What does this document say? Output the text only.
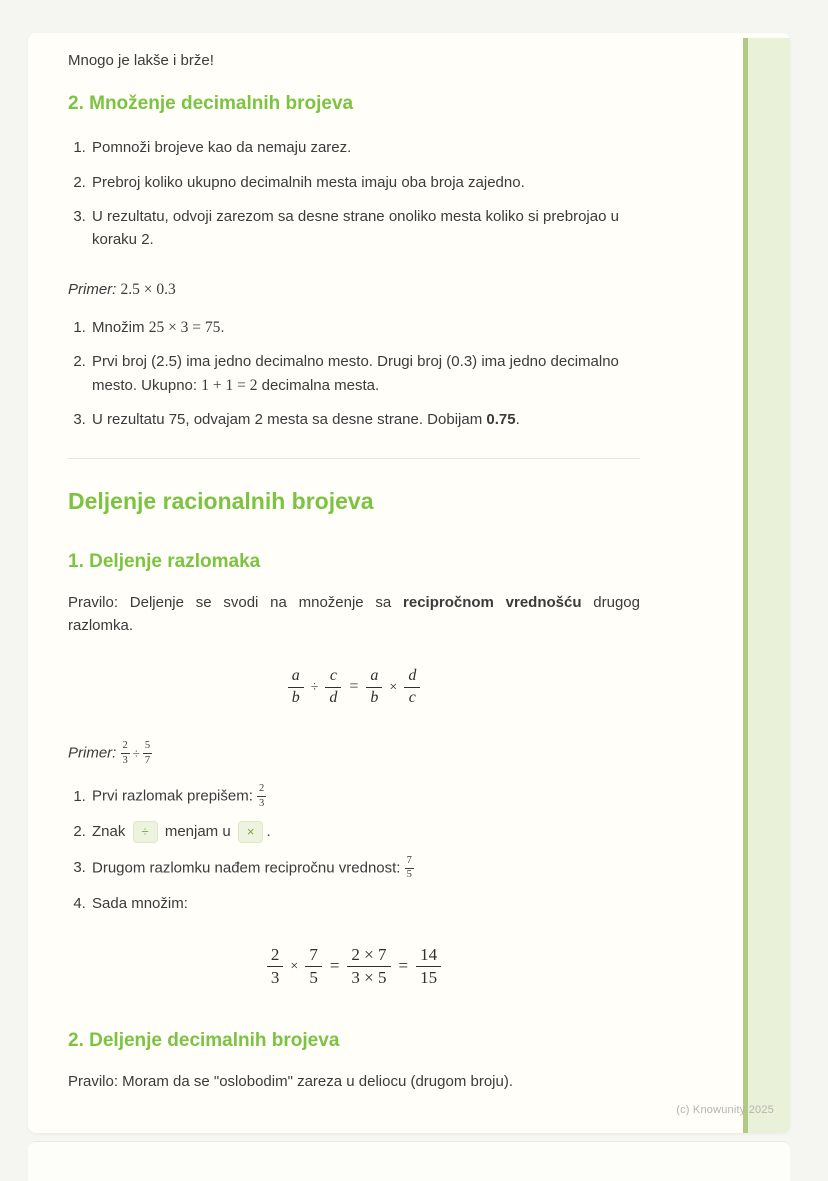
Mnogo je lakše i brže!

2. Množenje decimalnih brojeva
1. Pomnoži brojeve kao da nemaju zarez.
2. Prebroj koliko ukupno decimalnih mesta imaju oba broja zajedno.
3. U rezultatu, odvoji zarezom sa desne strane onoliko mesta koliko si prebrojao u koraku 2.

Primer: 2.5 × 0.3

1. Množim 25 × 3 = 75.
2. Prvi broj (2.5) ima jedno decimalno mesto. Drugi broj (0.3) ima jedno decimalno mesto. Ukupno: 1 + 1 = 2 decimalna mesta.
3. U rezultatu 75, odvajam 2 mesta sa desne strane. Dobijam 0.75.
Deljenje racionalnih brojeva
1. Deljenje razlomaka

Pravilo: Deljenje se svodi na množenje sa recipročnom vrednošću drugog razlomka.

$\frac{a}{b} \div \frac{c}{d} = \frac{a}{b} \times \frac{d}{c}$

Primer: $\frac{2}{3} \div \frac{5}{7}$

1. Prvi razlomak prepišem: $\frac{2}{3}$
2. Znak ÷ menjam u × .
3. Drugom razlomku nađem recipročnu vrednost: $\frac{7}{5}$
4. Sada množim:
$\frac{2}{3} \times \frac{7}{5} = \frac{2 \times 7}{3 \times 5} = \frac{14}{15}$
2. Deljenje decimalnih brojeva

Pravilo: Moram da se "oslobodim" zareza u deliocu (drugom broju).

(c) Knowunity 2025
